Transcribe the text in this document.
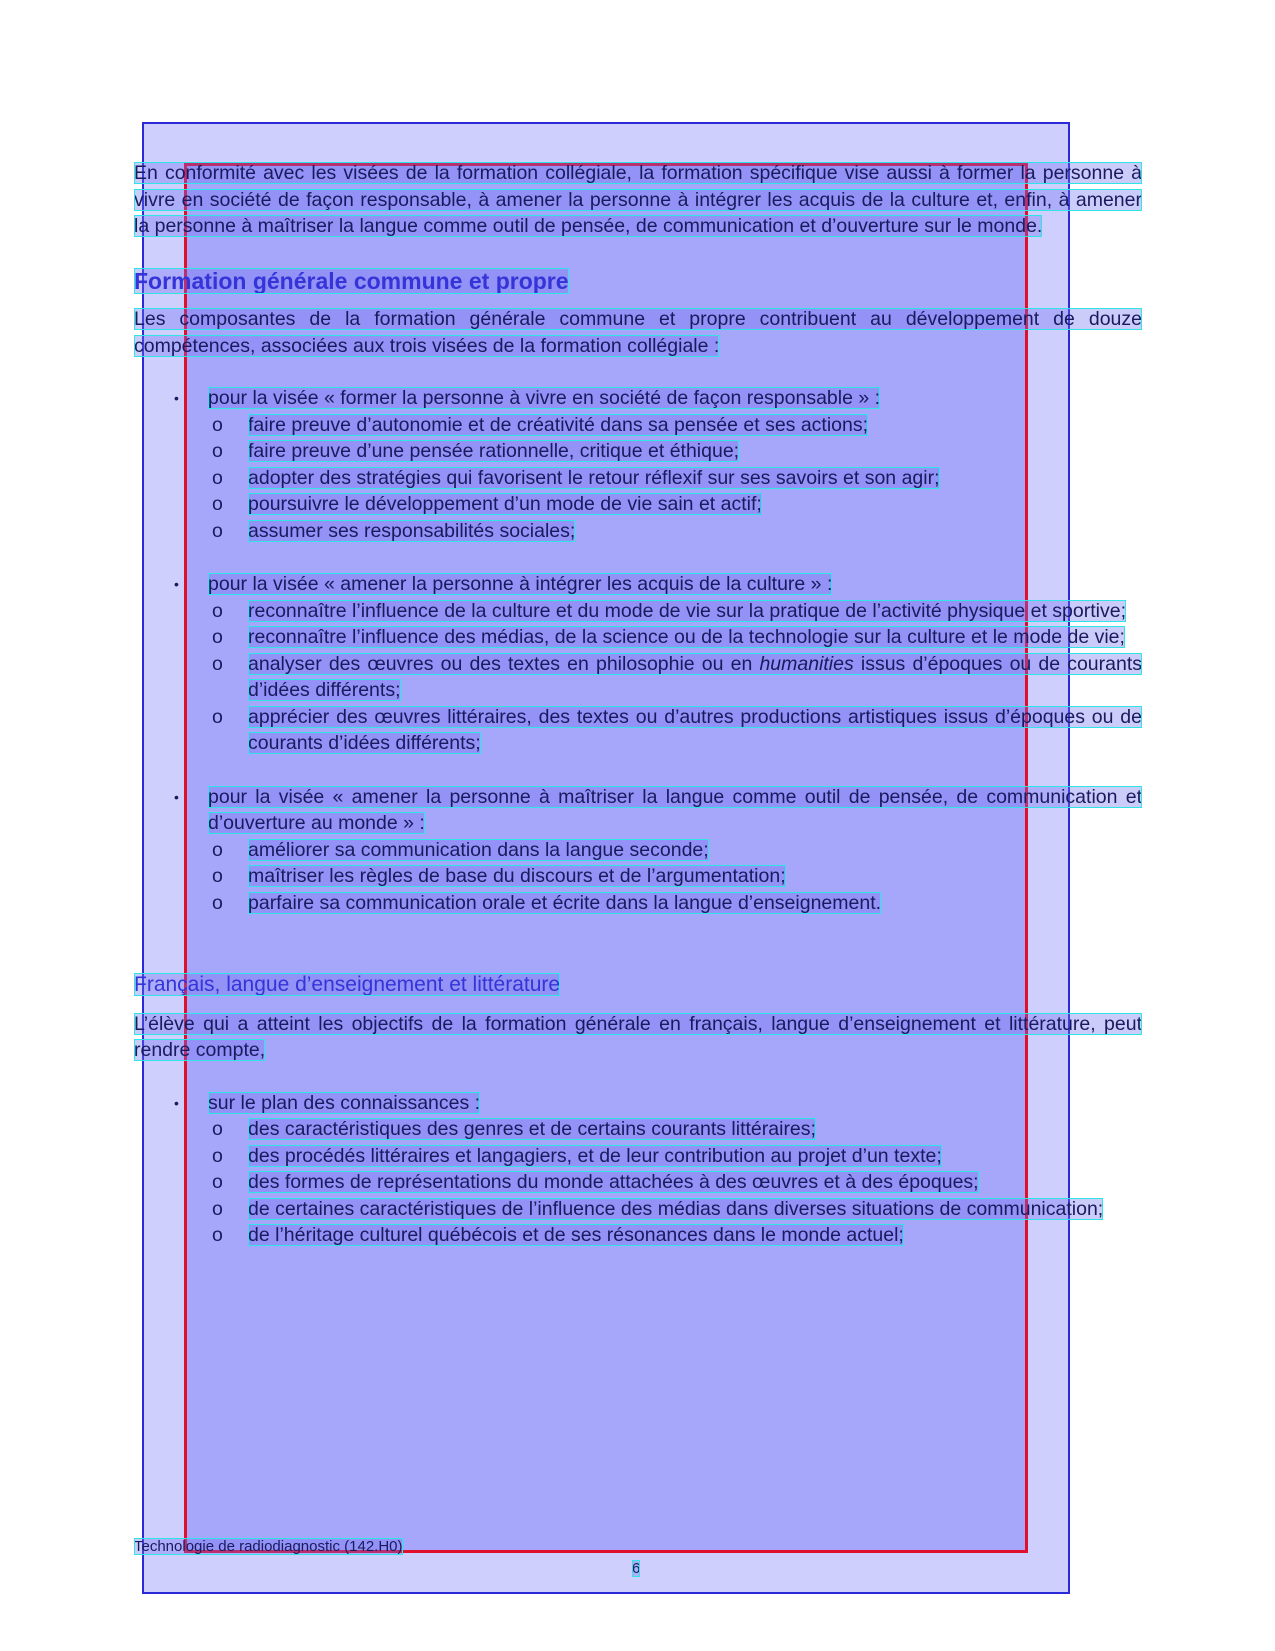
En conformité avec les visées de la formation collégiale, la formation spécifique vise aussi à former la personne à vivre en société de façon responsable, à amener la personne à intégrer les acquis de la culture et, enfin, à amener la personne à maîtriser la langue comme outil de pensée, de communication et d’ouverture sur le monde.

Formation générale commune et propre

Les composantes de la formation générale commune et propre contribuent au développement de douze compétences, associées aux trois visées de la formation collégiale :

• pour la visée « former la personne à vivre en société de façon responsable » :
o faire preuve d’autonomie et de créativité dans sa pensée et ses actions;
o faire preuve d’une pensée rationnelle, critique et éthique;
o adopter des stratégies qui favorisent le retour réflexif sur ses savoirs et son agir;
o poursuivre le développement d’un mode de vie sain et actif;
o assumer ses responsabilités sociales;
• pour la visée « amener la personne à intégrer les acquis de la culture » :
o reconnaître l’influence de la culture et du mode de vie sur la pratique de l’activité physique et sportive;
o reconnaître l’influence des médias, de la science ou de la technologie sur la culture et le mode de vie;
o analyser des œuvres ou des textes en philosophie ou en humanities issus d’époques ou de courants d’idées différents;
o apprécier des œuvres littéraires, des textes ou d’autres productions artistiques issus d’époques ou de courants d’idées différents;
• pour la visée « amener la personne à maîtriser la langue comme outil de pensée, de communication et d’ouverture au monde » :
o améliorer sa communication dans la langue seconde;
o maîtriser les règles de base du discours et de l’argumentation;
o parfaire sa communication orale et écrite dans la langue d’enseignement.
Français, langue d’enseignement et littérature

L’élève qui a atteint les objectifs de la formation générale en français, langue d’enseignement et littérature, peut rendre compte,

• sur le plan des connaissances :
o des caractéristiques des genres et de certains courants littéraires;
o des procédés littéraires et langagiers, et de leur contribution au projet d’un texte;
o des formes de représentations du monde attachées à des œuvres et à des époques;
o de certaines caractéristiques de l’influence des médias dans diverses situations de communication;
o de l’héritage culturel québécois et de ses résonances dans le monde actuel;
Technologie de radiodiagnostic (142.H0)
6
